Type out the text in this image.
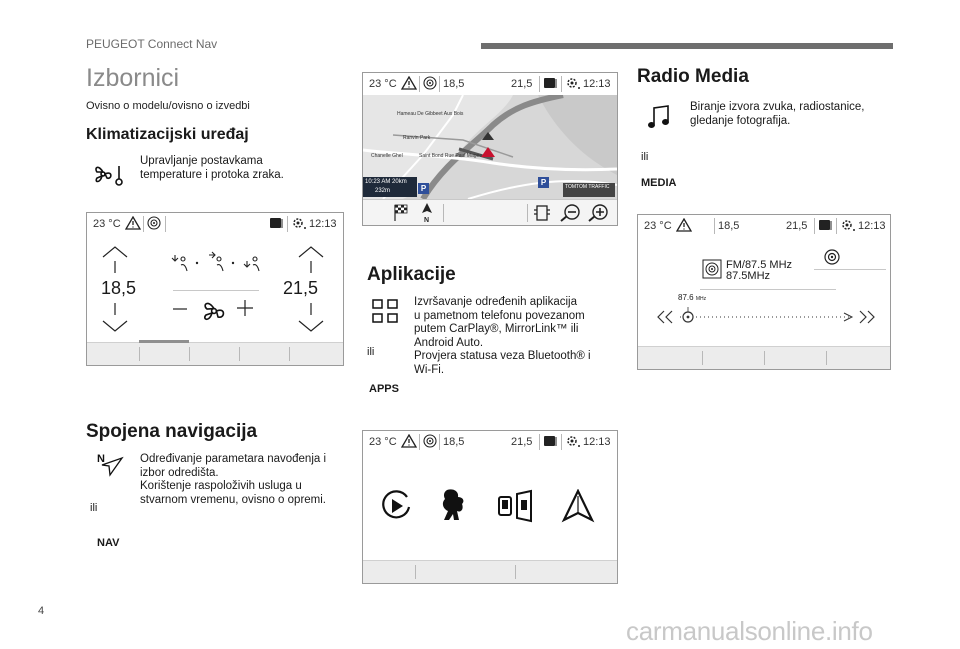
PEUGEOT Connect Nav
Izbornici
Ovisno o modelu/ovisno o izvedbi
Klimatizacijski uređaj
Upravljanje postavkama
temperature i protoka zraka.
23 °C	12:13
18,5	21,5
Spojena navigacija
N	Određivanje parametara navođenja i
izbor odredišta.
Korištenje raspoloživih usluga u
stvarnom vremenu, ovisno o opremi.
ili
NAV
23 °C	18,5	21,5	12:13
Hameau De Gibbeet Aux Bois
Ranvin Park
Chanelle Ghel	Saint Bond Rue Paul Magee
10:23 AM 20km
232m	P
P	TOMTOM TRAFFIC
N
Aplikacije
Izvršavanje određenih aplikacija
u pametnom telefonu povezanom
putem CarPlay®, MirrorLink™ ili
Android Auto.
Provjera statusa veza Bluetooth® i
Wi-Fi.
ili
APPS
23 °C	18,5	21,5	12:13
Radio Media
Biranje izvora zvuka, radiostanice,
gledanje fotografija.
ili
MEDIA
23 °C	18,5	21,5	12:13
FM/87.5 MHz
87.5MHz
87.6 MHz
4
carmanualsonline.info
